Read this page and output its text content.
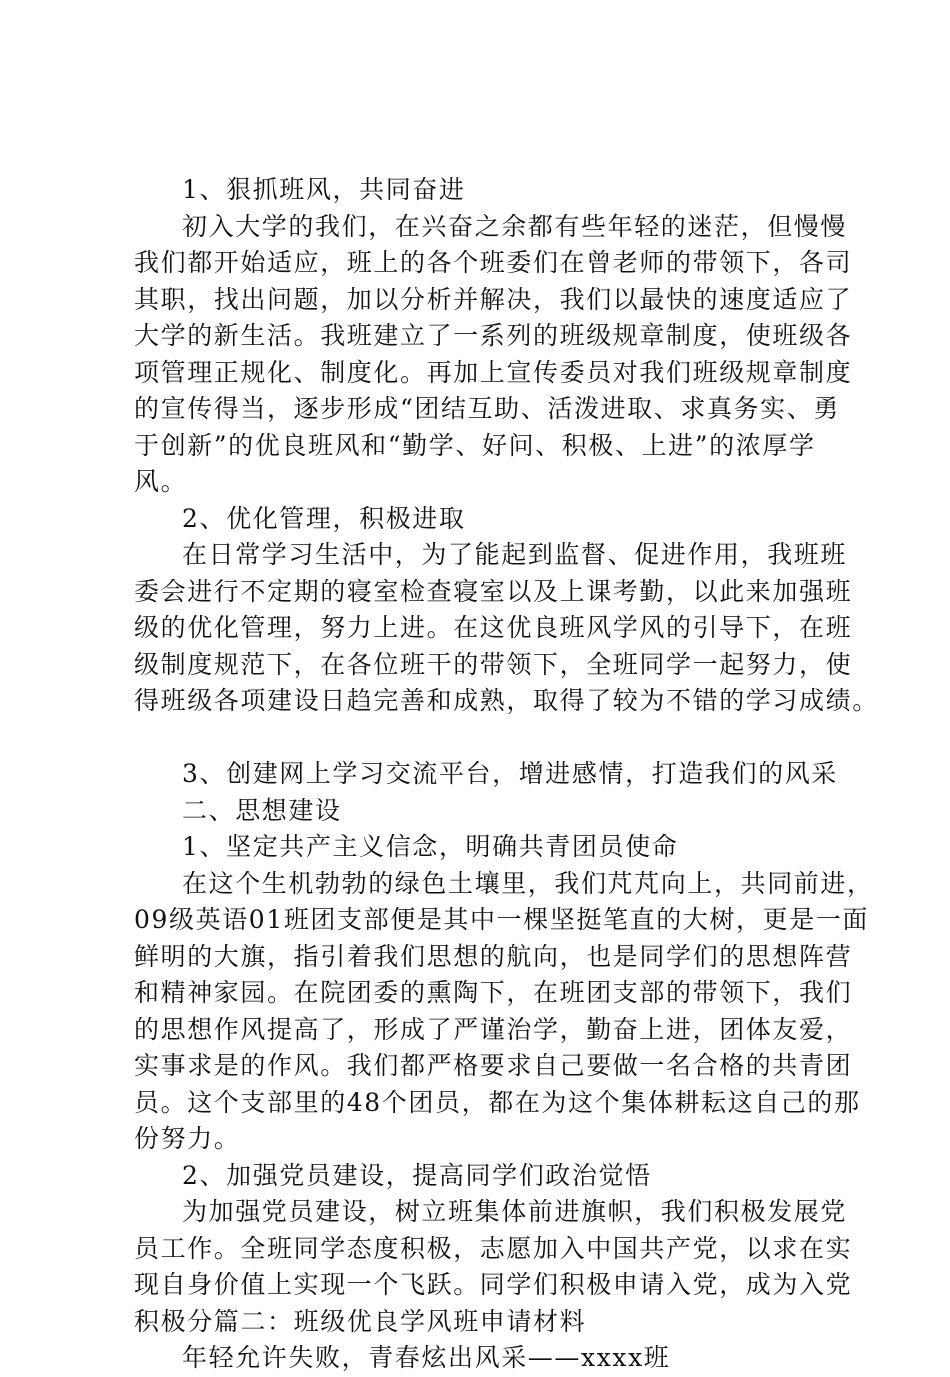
1、狠抓班风，共同奋进
初入大学的我们，在兴奋之余都有些年轻的迷茫，但慢慢
我们都开始适应，班上的各个班委们在曾老师的带领下，各司
其职，找出问题，加以分析并解决，我们以最快的速度适应了
大学的新生活。我班建立了一系列的班级规章制度，使班级各
项管理正规化、制度化。再加上宣传委员对我们班级规章制度
的宣传得当，逐步形成“团结互助、活泼进取、求真务实、勇
于创新”的优良班风和“勤学、好问、积极、上进”的浓厚学
风。
2、优化管理，积极进取
在日常学习生活中，为了能起到监督、促进作用，我班班
委会进行不定期的寝室检查寝室以及上课考勤，以此来加强班
级的优化管理，努力上进。在这优良班风学风的引导下，在班
级制度规范下，在各位班干的带领下，全班同学一起努力，使
得班级各项建设日趋完善和成熟，取得了较为不错的学习成绩。
3、创建网上学习交流平台，增进感情，打造我们的风采
二、思想建设
1、坚定共产主义信念，明确共青团员使命
在这个生机勃勃的绿色土壤里，我们芃芃向上，共同前进，
09级英语01班团支部便是其中一棵坚挺笔直的大树，更是一面
鲜明的大旗，指引着我们思想的航向，也是同学们的思想阵营
和精神家园。在院团委的熏陶下，在班团支部的带领下，我们
的思想作风提高了，形成了严谨治学，勤奋上进，团体友爱，
实事求是的作风。我们都严格要求自己要做一名合格的共青团
员。这个支部里的48个团员，都在为这个集体耕耘这自己的那
份努力。
2、加强党员建设，提高同学们政治觉悟
为加强党员建设，树立班集体前进旗帜，我们积极发展党
员工作。全班同学态度积极，志愿加入中国共产党，以求在实
现自身价值上实现一个飞跃。同学们积极申请入党，成为入党
积极分篇二：班级优良学风班申请材料
年轻允许失败，青春炫出风采——xxxx班
